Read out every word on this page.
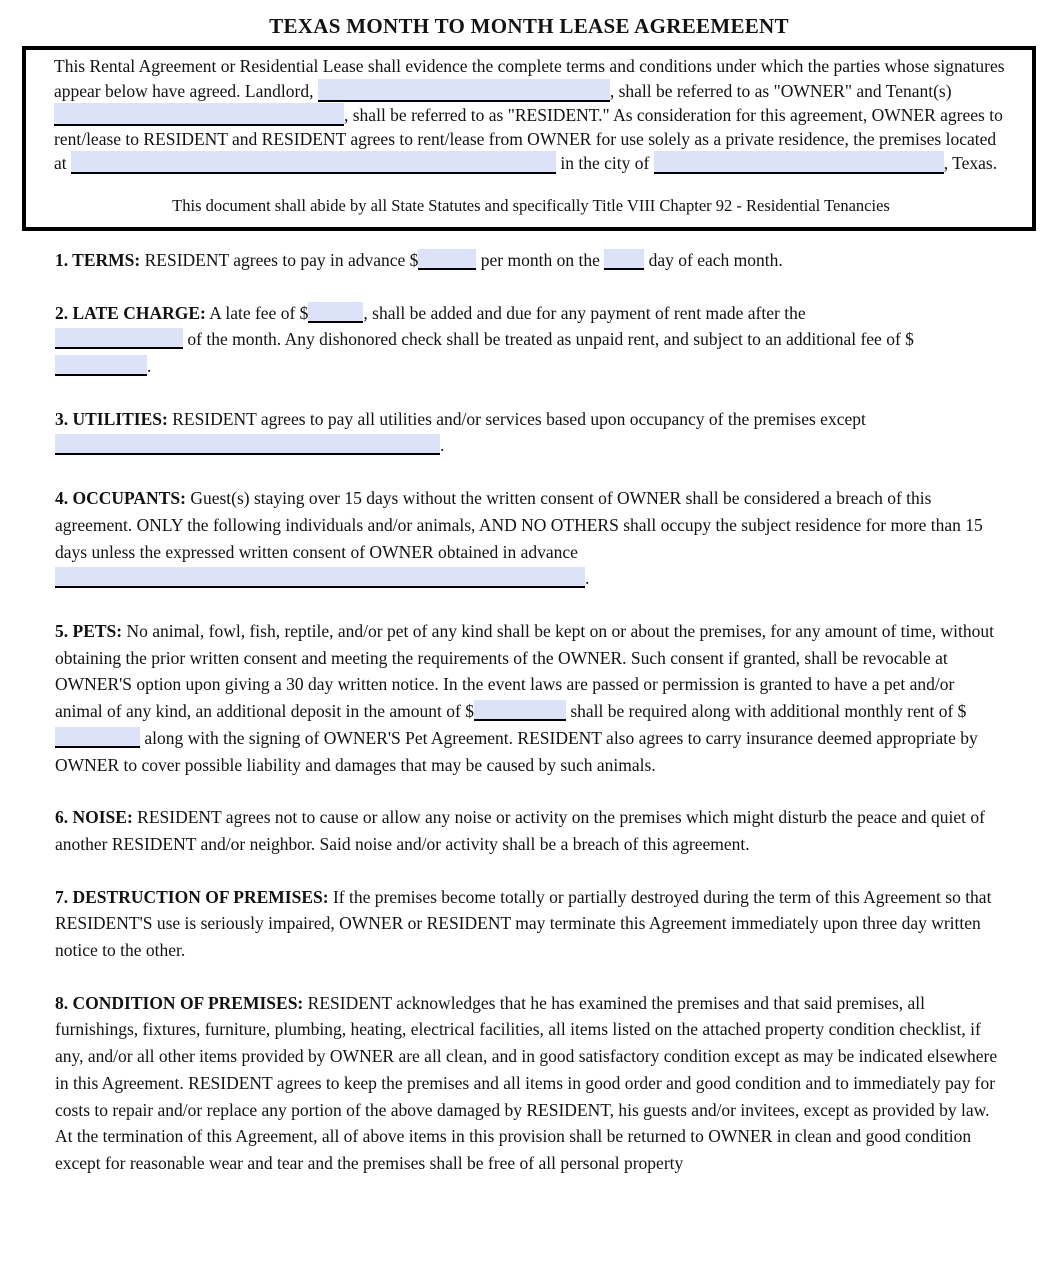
TEXAS MONTH TO MONTH LEASE AGREEMEENT

This Rental Agreement or Residential Lease shall evidence the complete terms and conditions under which the parties whose signatures appear below have agreed. Landlord,	, shall be referred to as "OWNER" and Tenant(s) , shall be referred to as "RESIDENT." As consideration for this agreement, OWNER agrees to rent/lease to RESIDENT and RESIDENT agrees to rent/lease from OWNER for use solely as a private residence, the premises located at	in the city of	, Texas.

This document shall abide by all State Statutes and specifically Title VIII Chapter 92 - Residential Tenancies

1. TERMS: RESIDENT agrees to pay in advance $	per month on the  day of each month.

2. LATE CHARGE: A late fee of $	, shall be added and due for any payment of rent made after the
of the month. Any dishonored check shall be treated as unpaid rent, and subject to an additional fee of $.

3. UTILITIES: RESIDENT agrees to pay all utilities and/or services based upon occupancy of the premises except .

4. OCCUPANTS: Guest(s) staying over 15 days without the written consent of OWNER shall be considered a breach of this agreement. ONLY the following individuals and/or animals, AND NO OTHERS shall occupy the subject residence for more than 15 days unless the expressed written consent of OWNER obtained in advance
.

5. PETS: No animal, fowl, fish, reptile, and/or pet of any kind shall be kept on or about the premises, for any amount of time, without obtaining the prior written consent and meeting the requirements of the OWNER. Such consent if granted, shall be revocable at OWNER'S option upon giving a 30 day written notice. In the event laws are passed or permission is granted to have a pet and/or animal of any kind, an additional deposit in the amount of $	shall be required along with additional monthly rent of $ along with the signing of OWNER'S Pet Agreement. RESIDENT also agrees to carry insurance deemed appropriate by OWNER to cover possible liability and damages that may be caused by such animals.

6. NOISE: RESIDENT agrees not to cause or allow any noise or activity on the premises which might disturb the peace and quiet of another RESIDENT and/or neighbor. Said noise and/or activity shall be a breach of this agreement.

7. DESTRUCTION OF PREMISES: If the premises become totally or partially destroyed during the term of this Agreement so that RESIDENT'S use is seriously impaired, OWNER or RESIDENT may terminate this Agreement immediately upon three day written notice to the other.

8. CONDITION OF PREMISES: RESIDENT acknowledges that he has examined the premises and that said premises, all furnishings, fixtures, furniture, plumbing, heating, electrical facilities, all items listed on the attached property condition checklist, if any, and/or all other items provided by OWNER are all clean, and in good satisfactory condition except as may be indicated elsewhere in this Agreement. RESIDENT agrees to keep the premises and all items in good order and good condition and to immediately pay for costs to repair and/or replace any portion of the above damaged by RESIDENT, his guests and/or invitees, except as provided by law. At the termination of this Agreement, all of above items in this provision shall be returned to OWNER in clean and good condition except for reasonable wear and tear and the premises shall be free of all personal property
